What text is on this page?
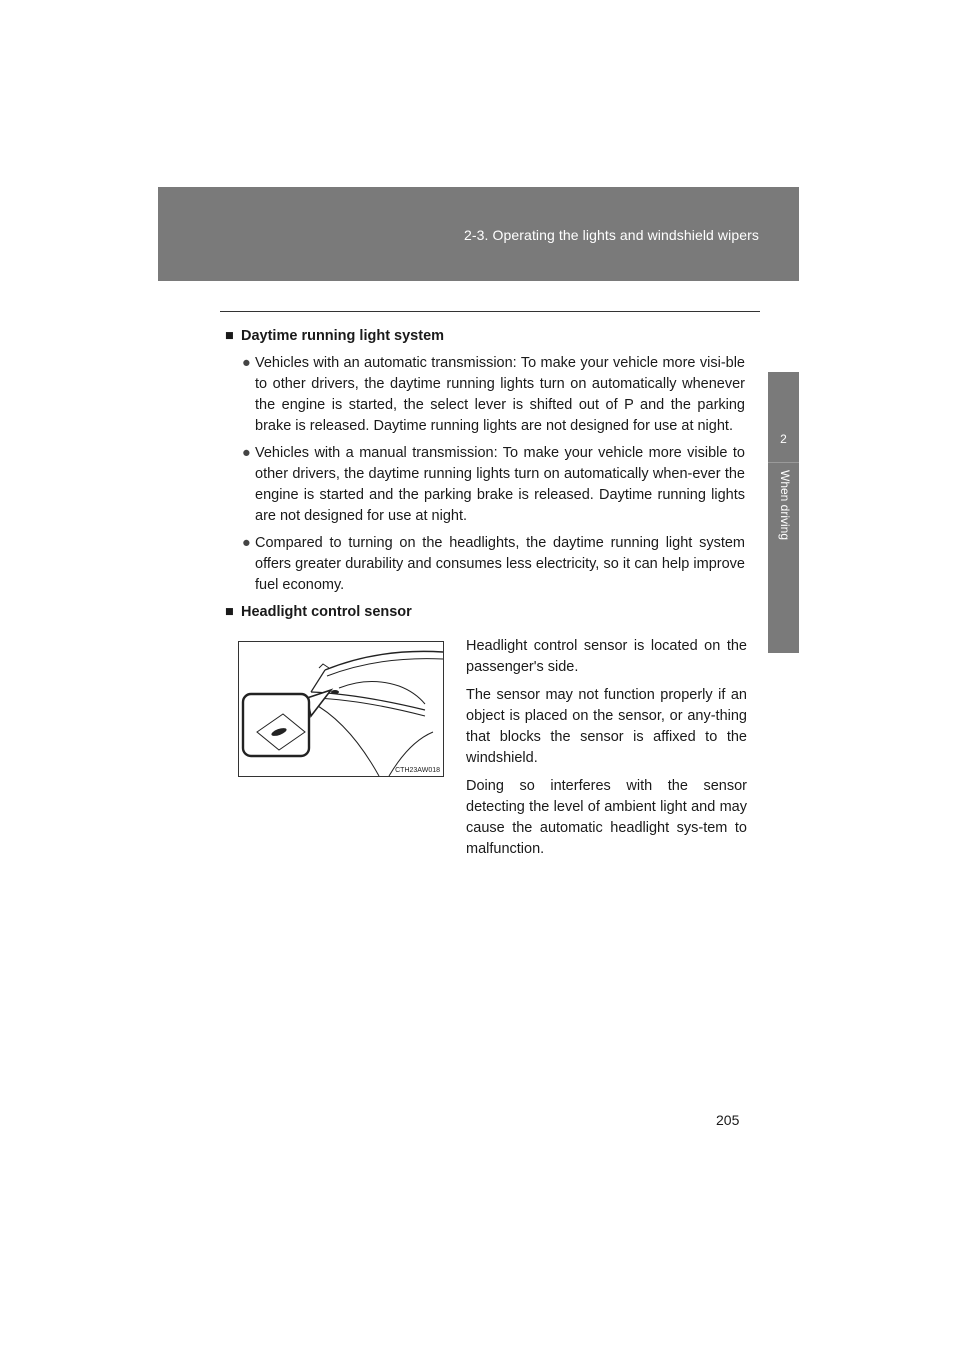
2-3. Operating the lights and windshield wipers
2
When driving
■ Daytime running light system
● Vehicles with an automatic transmission: To make your vehicle more visi-ble to other drivers, the daytime running lights turn on automatically whenever the engine is started, the select lever is shifted out of P and the parking brake is released. Daytime running lights are not designed for use at night.
● Vehicles with a manual transmission: To make your vehicle more visible to other drivers, the daytime running lights turn on automatically when-ever the engine is started and the parking brake is released. Daytime running lights are not designed for use at night.
● Compared to turning on the headlights, the daytime running light system offers greater durability and consumes less electricity, so it can help improve fuel economy.
■ Headlight control sensor
CTH23AW018

Headlight control sensor is located on the passenger's side.

The sensor may not function properly if an object is placed on the sensor, or any-thing that blocks the sensor is affixed to the windshield.

Doing so interferes with the sensor detecting the level of ambient light and may cause the automatic headlight sys-tem to malfunction.

205
